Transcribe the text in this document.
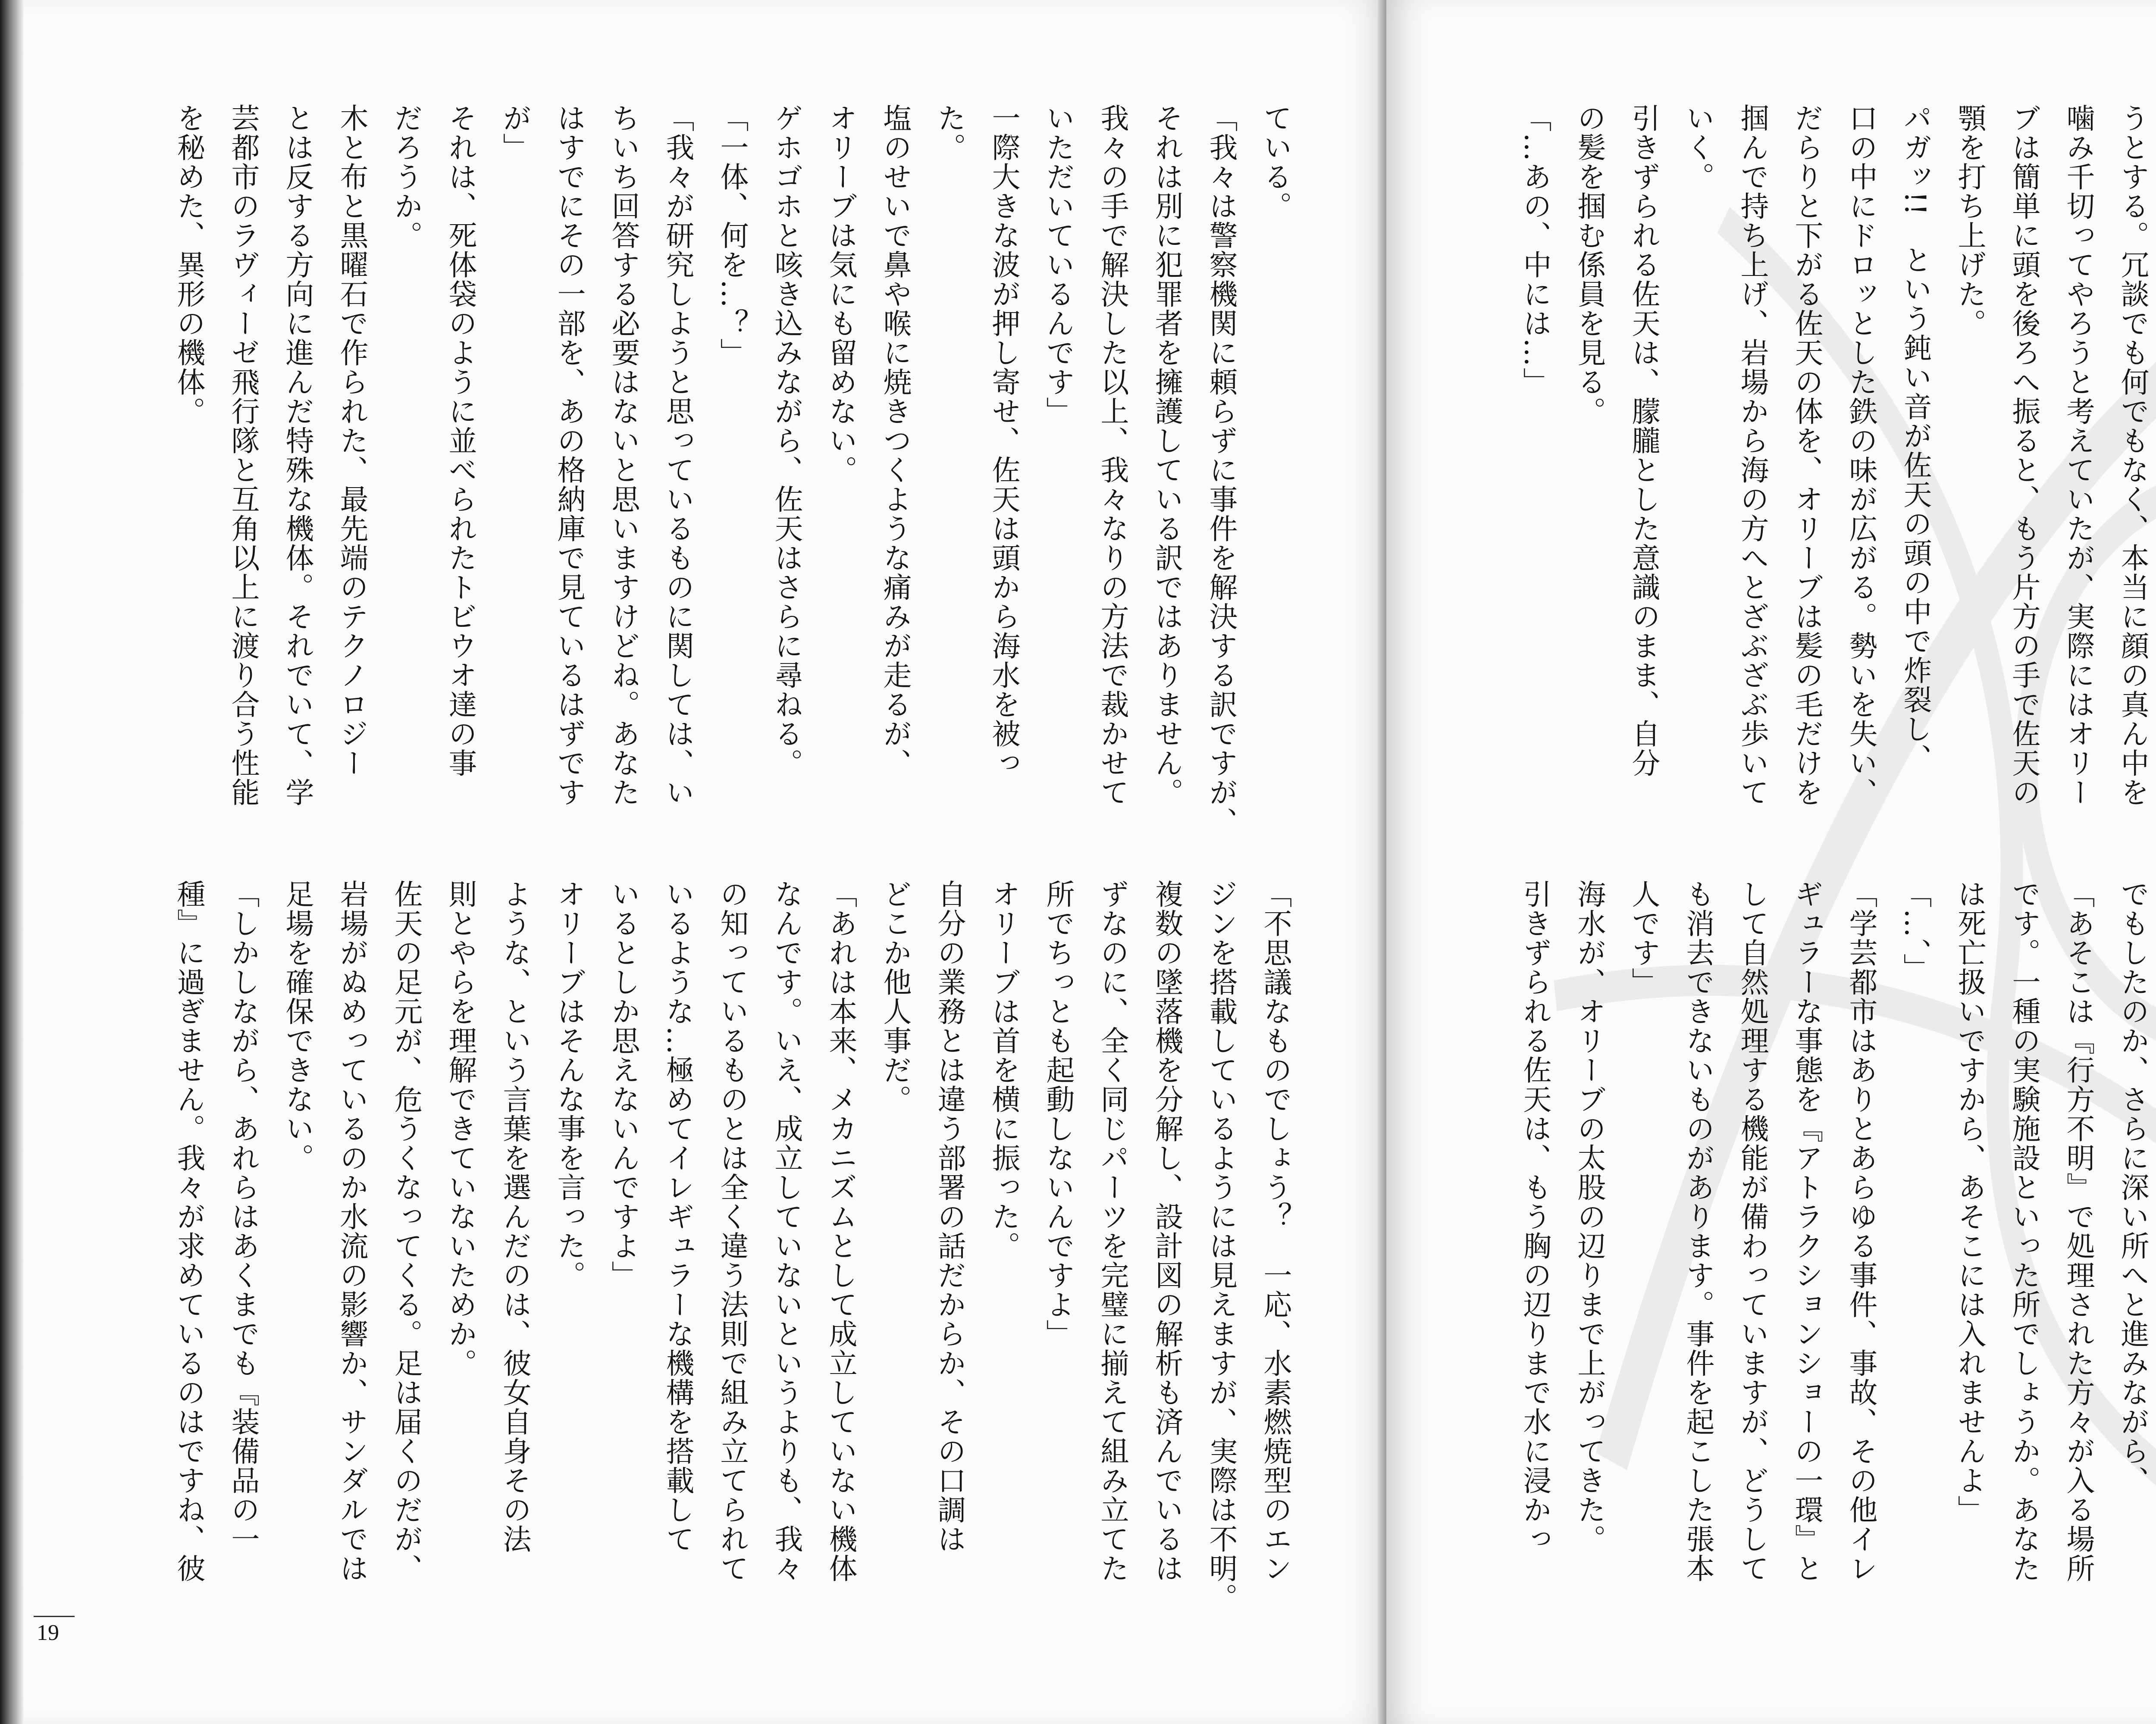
ている。
「我々は警察機関に頼らずに事件を解決する訳ですが、
それは別に犯罪者を擁護している訳ではありません。
我々の手で解決した以上、我々なりの方法で裁かせて
いただいているんです」
一際大きな波が押し寄せ、佐天は頭から海水を被っ
た。
塩のせいで鼻や喉に焼きつくような痛みが走るが、
オリーブは気にも留めない。
ゲホゴホと咳き込みながら、佐天はさらに尋ねる。
「一体、何を…？」
「我々が研究しようと思っているものに関しては、い
ちいち回答する必要はないと思いますけどね。あなた
はすでにその一部を、あの格納庫で見ているはずです
が」
それは、死体袋のように並べられたトビウオ達の事
だろうか。
木と布と黒曜石で作られた、最先端のテクノロジー
とは反する方向に進んだ特殊な機体。それでいて、学
芸都市のラヴィーゼ飛行隊と互角以上に渡り合う性能
を秘めた、異形の機体。
「不思議なものでしょう？　一応、水素燃焼型のエン
ジンを搭載しているようには見えますが、実際は不明。
複数の墜落機を分解し、設計図の解析も済んでいるは
ずなのに、全く同じパーツを完璧に揃えて組み立てた
所でちっとも起動しないんですよ」
オリーブは首を横に振った。
自分の業務とは違う部署の話だからか、その口調は
どこか他人事だ。
「あれは本来、メカニズムとして成立していない機体
なんです。いえ、成立していないというよりも、我々
の知っているものとは全く違う法則で組み立てられて
いるような…極めてイレギュラーな機構を搭載して
いるとしか思えないんですよ」
オリーブはそんな事を言った。
ような、という言葉を選んだのは、彼女自身その法
則とやらを理解できていないためか。
佐天の足元が、危うくなってくる。足は届くのだが、
岩場がぬめっているのか水流の影響か、サンダルでは
足場を確保できない。
「しかしながら、あれらはあくまでも『装備品の一
種』に過ぎません。我々が求めているのはですね、彼
19
うとする。冗談でも何でもなく、本当に顔の真ん中を
噛み千切ってやろうと考えていたが、実際にはオリー
ブは簡単に頭を後ろへ振ると、もう片方の手で佐天の
顎を打ち上げた。
パガッ!!　という鈍い音が佐天の頭の中で炸裂し、
口の中にドロッとした鉄の味が広がる。勢いを失い、
だらりと下がる佐天の体を、オリーブは髪の毛だけを
掴んで持ち上げ、岩場から海の方へとざぶざぶ歩いて
いく。
引きずられる佐天は、朦朧とした意識のまま、自分
の髪を掴む係員を見る。
「…あの、中には…」
でもしたのか、さらに深い所へと進みながら、
「あそこは『行方不明』で処理された方々が入る場所
です。一種の実験施設といった所でしょうか。あなた
は死亡扱いですから、あそこには入れませんよ」
「…、」
「学芸都市はありとあらゆる事件、事故、その他イレ
ギュラーな事態を『アトラクションショーの一環』と
して自然処理する機能が備わっていますが、どうして
も消去できないものがあります。事件を起こした張本
人です」
海水が、オリーブの太股の辺りまで上がってきた。
引きずられる佐天は、もう胸の辺りまで水に浸かっ
